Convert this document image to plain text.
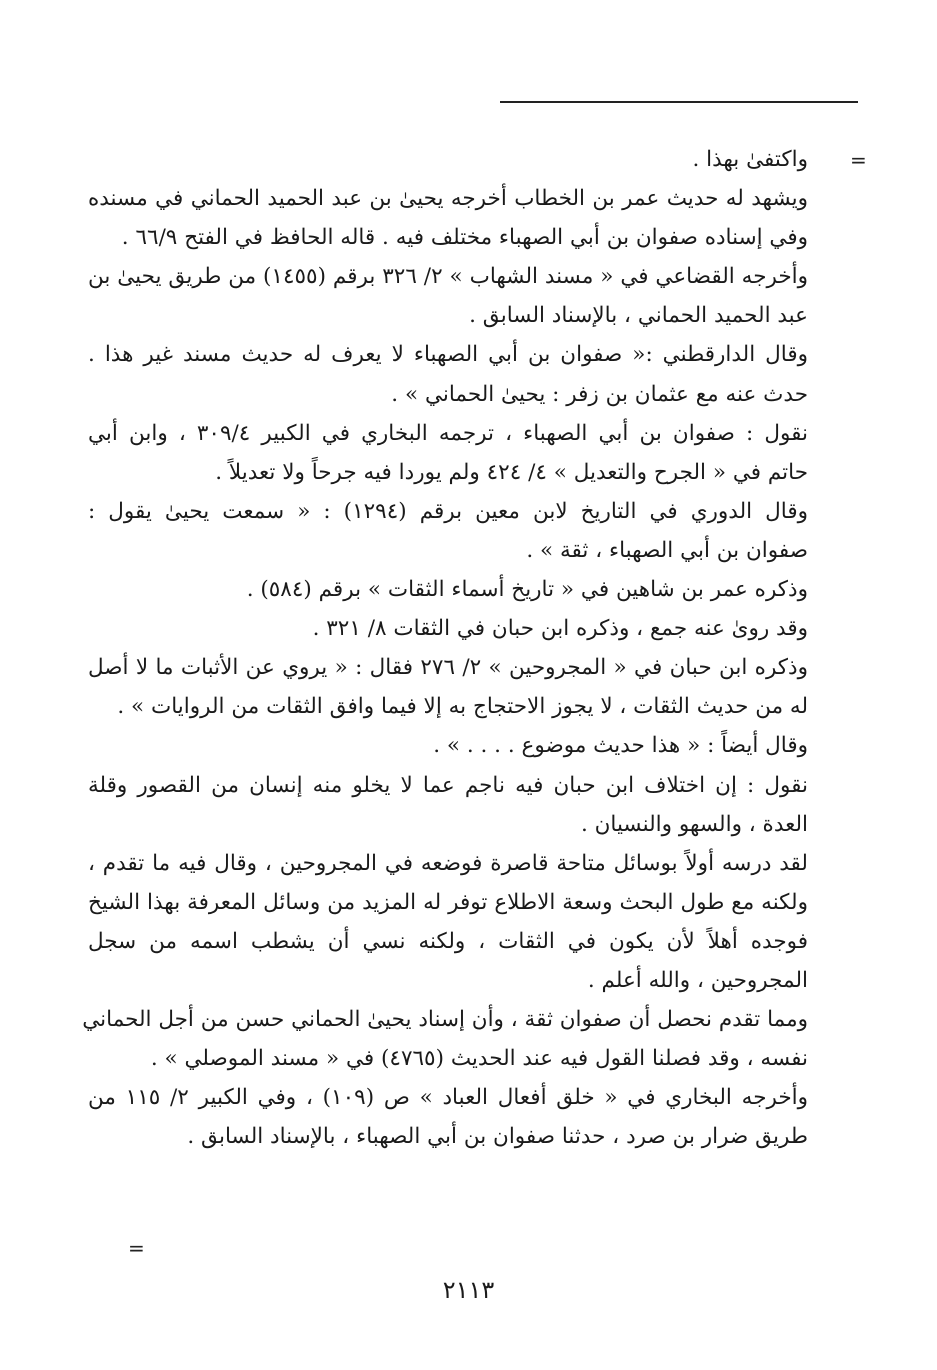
=
واكتفىٰ بهذا .
ويشهد له حديث عمر بن الخطاب أخرجه يحيىٰ بن عبد الحميد الحماني في مسنده
وفي إسناده صفوان بن أبي الصهباء مختلف فيه . قاله الحافظ في الفتح ٦٦/٩ .
وأخرجه القضاعي في « مسند الشهاب » ٢/ ٣٢٦ برقم (١٤٥٥) من طريق يحيىٰ بن
عبد الحميد الحماني ، بالإسناد السابق .
وقال الدارقطني :« صفوان بن أبي الصهباء لا يعرف له حديث مسند غير هذا .
حدث عنه مع عثمان بن زفر : يحيىٰ الحماني » .
نقول : صفوان بن أبي الصهباء ، ترجمه البخاري في الكبير ٣٠٩/٤ ، وابن أبي
حاتم في « الجرح والتعديل » ٤/ ٤٢٤ ولم يوردا فيه جرحاً ولا تعديلاً .
وقال الدوري في التاريخ لابن معين برقم (١٢٩٤) : « سمعت يحيىٰ يقول :
صفوان بن أبي الصهباء ، ثقة » .
وذكره عمر بن شاهين في « تاريخ أسماء الثقات » برقم (٥٨٤) .
وقد رویٰ عنه جمع ، وذكره ابن حبان في الثقات ٨/ ٣٢١ .
وذكره ابن حبان في « المجروحين » ٢/ ٢٧٦ فقال : « يروي عن الأثبات ما لا أصل
له من حديث الثقات ، لا يجوز الاحتجاج به إلا فيما وافق الثقات من الروايات » .
وقال أيضاً : « هذا حديث موضوع . . . . » .
نقول : إن اختلاف ابن حبان فيه ناجم عما لا يخلو منه إنسان من القصور وقلة
العدة ، والسهو والنسيان .
لقد درسه أولاً بوسائل متاحة قاصرة فوضعه في المجروحين ، وقال فيه ما تقدم ،
ولكنه مع طول البحث وسعة الاطلاع توفر له المزيد من وسائل المعرفة بهذا الشيخ
فوجده أهلاً لأن يكون في الثقات ، ولكنه نسي أن يشطب اسمه من سجل
المجروحين ، والله أعلم .
ومما تقدم نحصل أن صفوان ثقة ، وأن إسناد يحيىٰ الحماني حسن من أجل الحماني
نفسه ، وقد فصلنا القول فيه عند الحديث (٤٧٦٥) في « مسند الموصلي » .
وأخرجه البخاري في « خلق أفعال العباد » ص (١٠٩) ، وفي الكبير ٢/ ١١٥ من
طريق ضرار بن صرد ، حدثنا صفوان بن أبي الصهباء ، بالإسناد السابق .
=
٢١١٣
